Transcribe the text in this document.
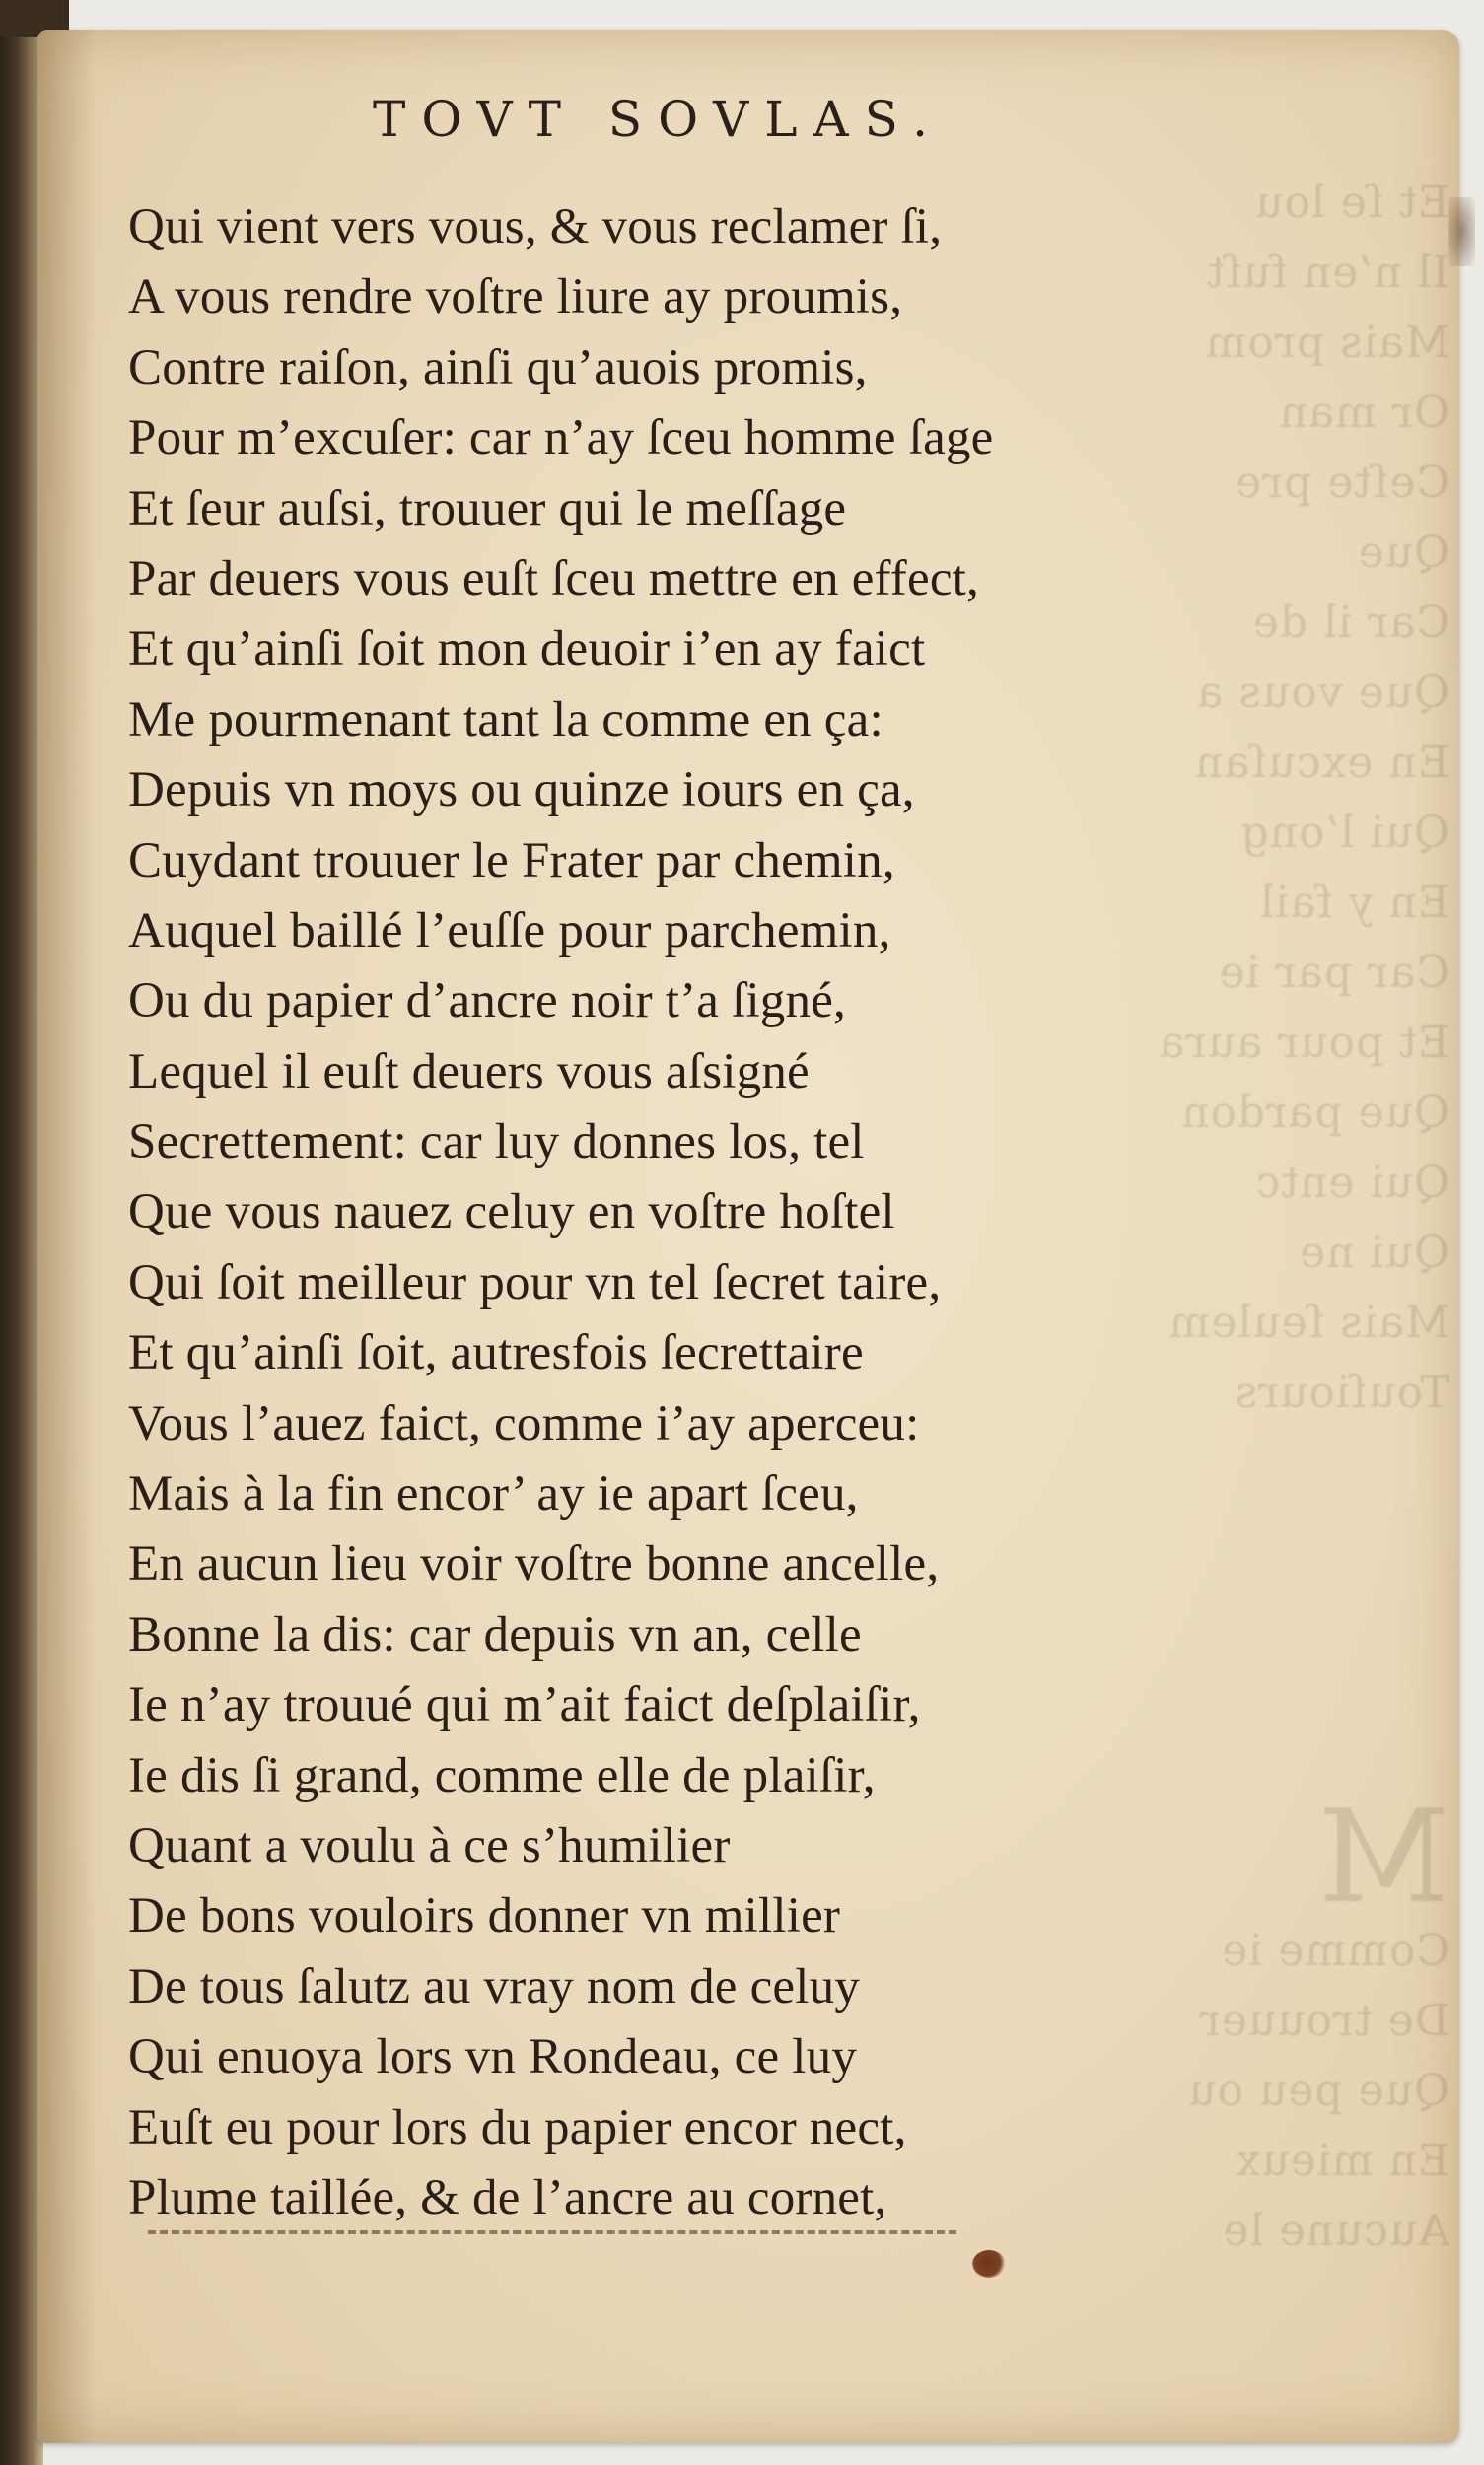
Et ſe lou
Il n’en fuſt
Mais prom
Or man
Ceſte pre
Que
Car il de
Que vous a
En excuſan
Qui l’ong
En y fail
Car par ie
Et pour aura
Que pardon
Qui entc
Qui ne
Mais ſeulem
Touſiours
M
Comme ie
De trouuer
Que peu ou
En mieux
Aucune le
TOVT SOVLAS.
Qui vient vers vous, & vous reclamer ſi,
A vous rendre voſtre liure ay proumis,
Contre raiſon, ainſi qu’auois promis,
Pour m’excuſer: car n’ay ſceu homme ſage
Et ſeur auſsi, trouuer qui le meſſage
Par deuers vous euſt ſceu mettre en effect,
Et qu’ainſi ſoit mon deuoir i’en ay faict
Me pourmenant tant la comme en ça:
Depuis vn moys ou quinze iours en ça,
Cuydant trouuer le Frater par chemin,
Auquel baillé l’euſſe pour parchemin,
Ou du papier d’ancre noir t’a ſigné,
Lequel il euſt deuers vous aſsigné
Secrettement: car luy donnes los, tel
Que vous nauez celuy en voſtre hoſtel
Qui ſoit meilleur pour vn tel ſecret taire,
Et qu’ainſi ſoit, autresfois ſecrettaire
Vous l’auez faict, comme i’ay aperceu:
Mais à la fin encor’ ay ie apart ſceu,
En aucun lieu voir voſtre bonne ancelle,
Bonne la dis: car depuis vn an, celle
Ie n’ay trouué qui m’ait faict deſplaiſir,
Ie dis ſi grand, comme elle de plaiſir,
Quant a voulu à ce s’humilier
De bons vouloirs donner vn millier
De tous ſalutz au vray nom de celuy
Qui enuoya lors vn Rondeau, ce luy
Euſt eu pour lors du papier encor nect,
Plume taillée, & de l’ancre au cornet,
